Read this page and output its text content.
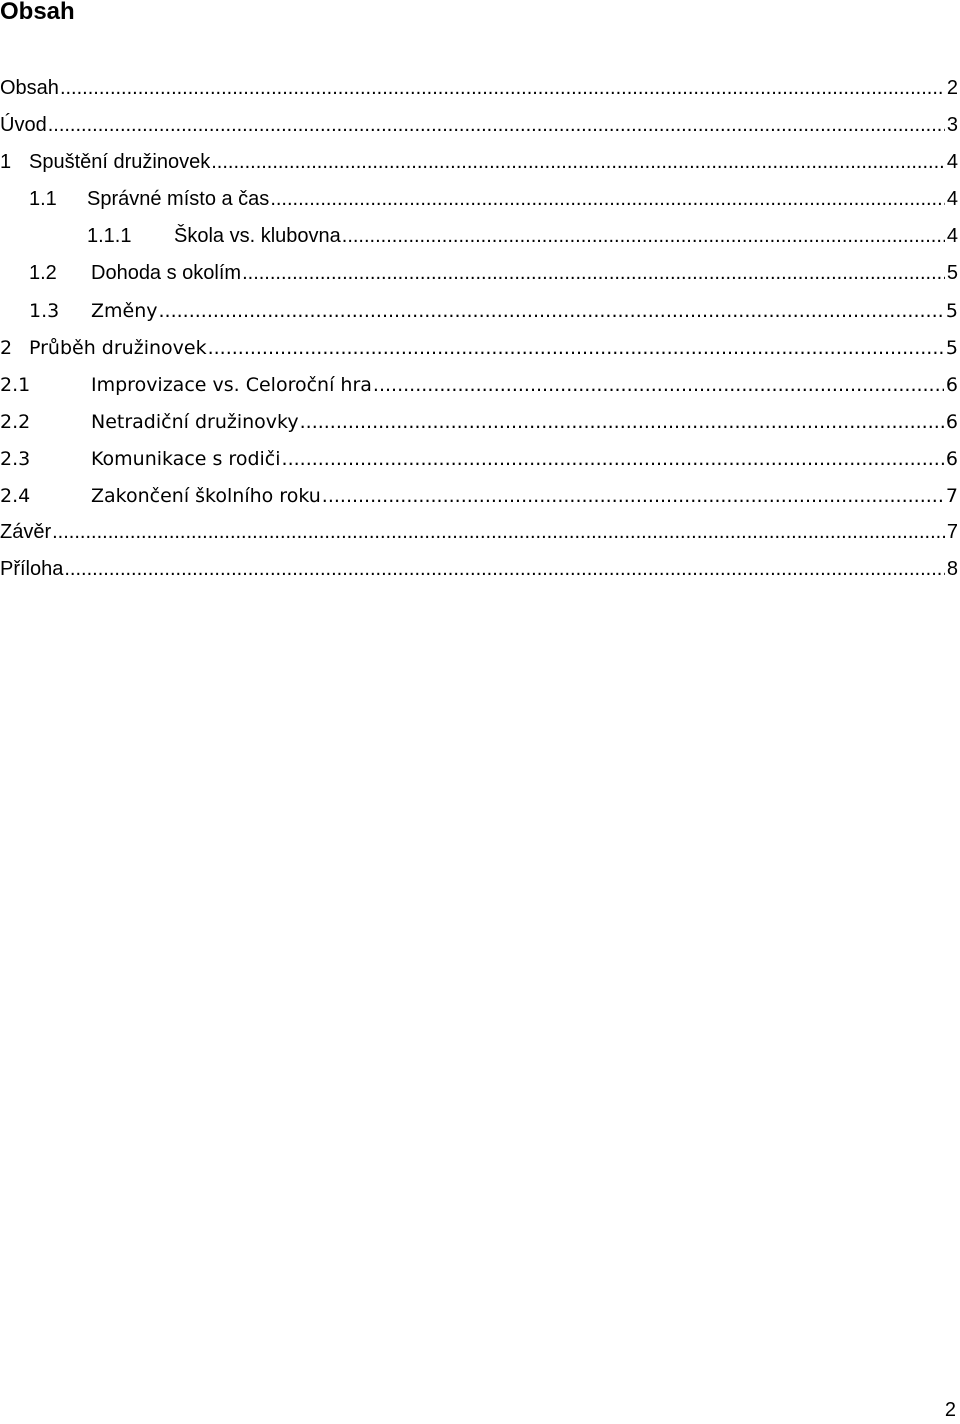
Obsah
Obsah .....	2
Úvod .....	3
1 Spuštění družinovek .....	4
1.1	Správné místo a čas .....	4
1.1.1	Škola vs. klubovna .....	4
1.2	Dohoda s okolím .....	5
1.3	Změny .....	5
2 Průběh družinovek .....	5
2.1	Improvizace vs. Celoroční hra .....	6
2.2	Netradiční družinovky .....	6
2.3	Komunikace s rodiči .....	6
2.4	Zakončení školního roku .....	7
Závěr .....	7
Příloha .....	8
2
